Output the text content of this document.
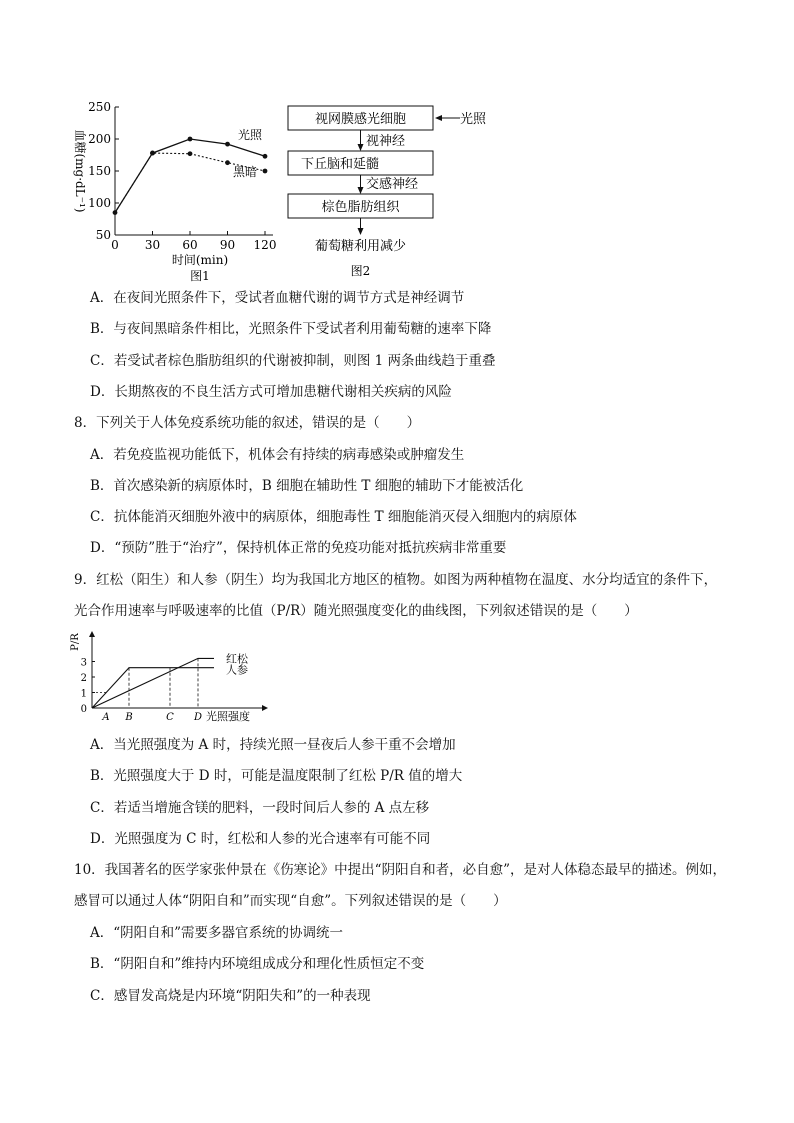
250
200
150
100
50
0 30 60 90 120
时间(min)
血糖(mg·dL⁻¹)
图1
光照
黑暗
视网膜感光细胞	光照
视神经
下丘脑和延髓
交感神经
棕色脂肪组织
葡萄糖利用减少
图2
A．在夜间光照条件下，受试者血糖代谢的调节方式是神经调节
B．与夜间黑暗条件相比，光照条件下受试者利用葡萄糖的速率下降
C．若受试者棕色脂肪组织的代谢被抑制，则图 1 两条曲线趋于重叠
D．长期熬夜的不良生活方式可增加患糖代谢相关疾病的风险
8．下列关于人体免疫系统功能的叙述，错误的是（　　）
A．若免疫监视功能低下，机体会有持续的病毒感染或肿瘤发生
B．首次感染新的病原体时，B 细胞在辅助性 T 细胞的辅助下才能被活化
C．抗体能消灭细胞外液中的病原体，细胞毒性 T 细胞能消灭侵入细胞内的病原体
D．“预防”胜于“治疗”，保持机体正常的免疫功能对抵抗疾病非常重要
9．红松（阳生）和人参（阴生）均为我国北方地区的植物。如图为两种植物在温度、水分均适宜的条件下，
光合作用速率与呼吸速率的比值（P/R）随光照强度变化的曲线图，下列叙述错误的是（　　）
P/R
0
3
2
1
红松
人参
A B	C D 光照强度
A．当光照强度为 A 时，持续光照一昼夜后人参干重不会增加
B．光照强度大于 D 时，可能是温度限制了红松 P/R 值的增大
C．若适当增施含镁的肥料，一段时间后人参的 A 点左移
D．光照强度为 C 时，红松和人参的光合速率有可能不同
10．我国著名的医学家张仲景在《伤寒论》中提出“阴阳自和者，必自愈”，是对人体稳态最早的描述。例如，
感冒可以通过人体“阴阳自和”而实现“自愈”。下列叙述错误的是（　　）
A．“阴阳自和”需要多器官系统的协调统一
B．“阴阳自和”维持内环境组成成分和理化性质恒定不变
C．感冒发高烧是内环境“阴阳失和”的一种表现
